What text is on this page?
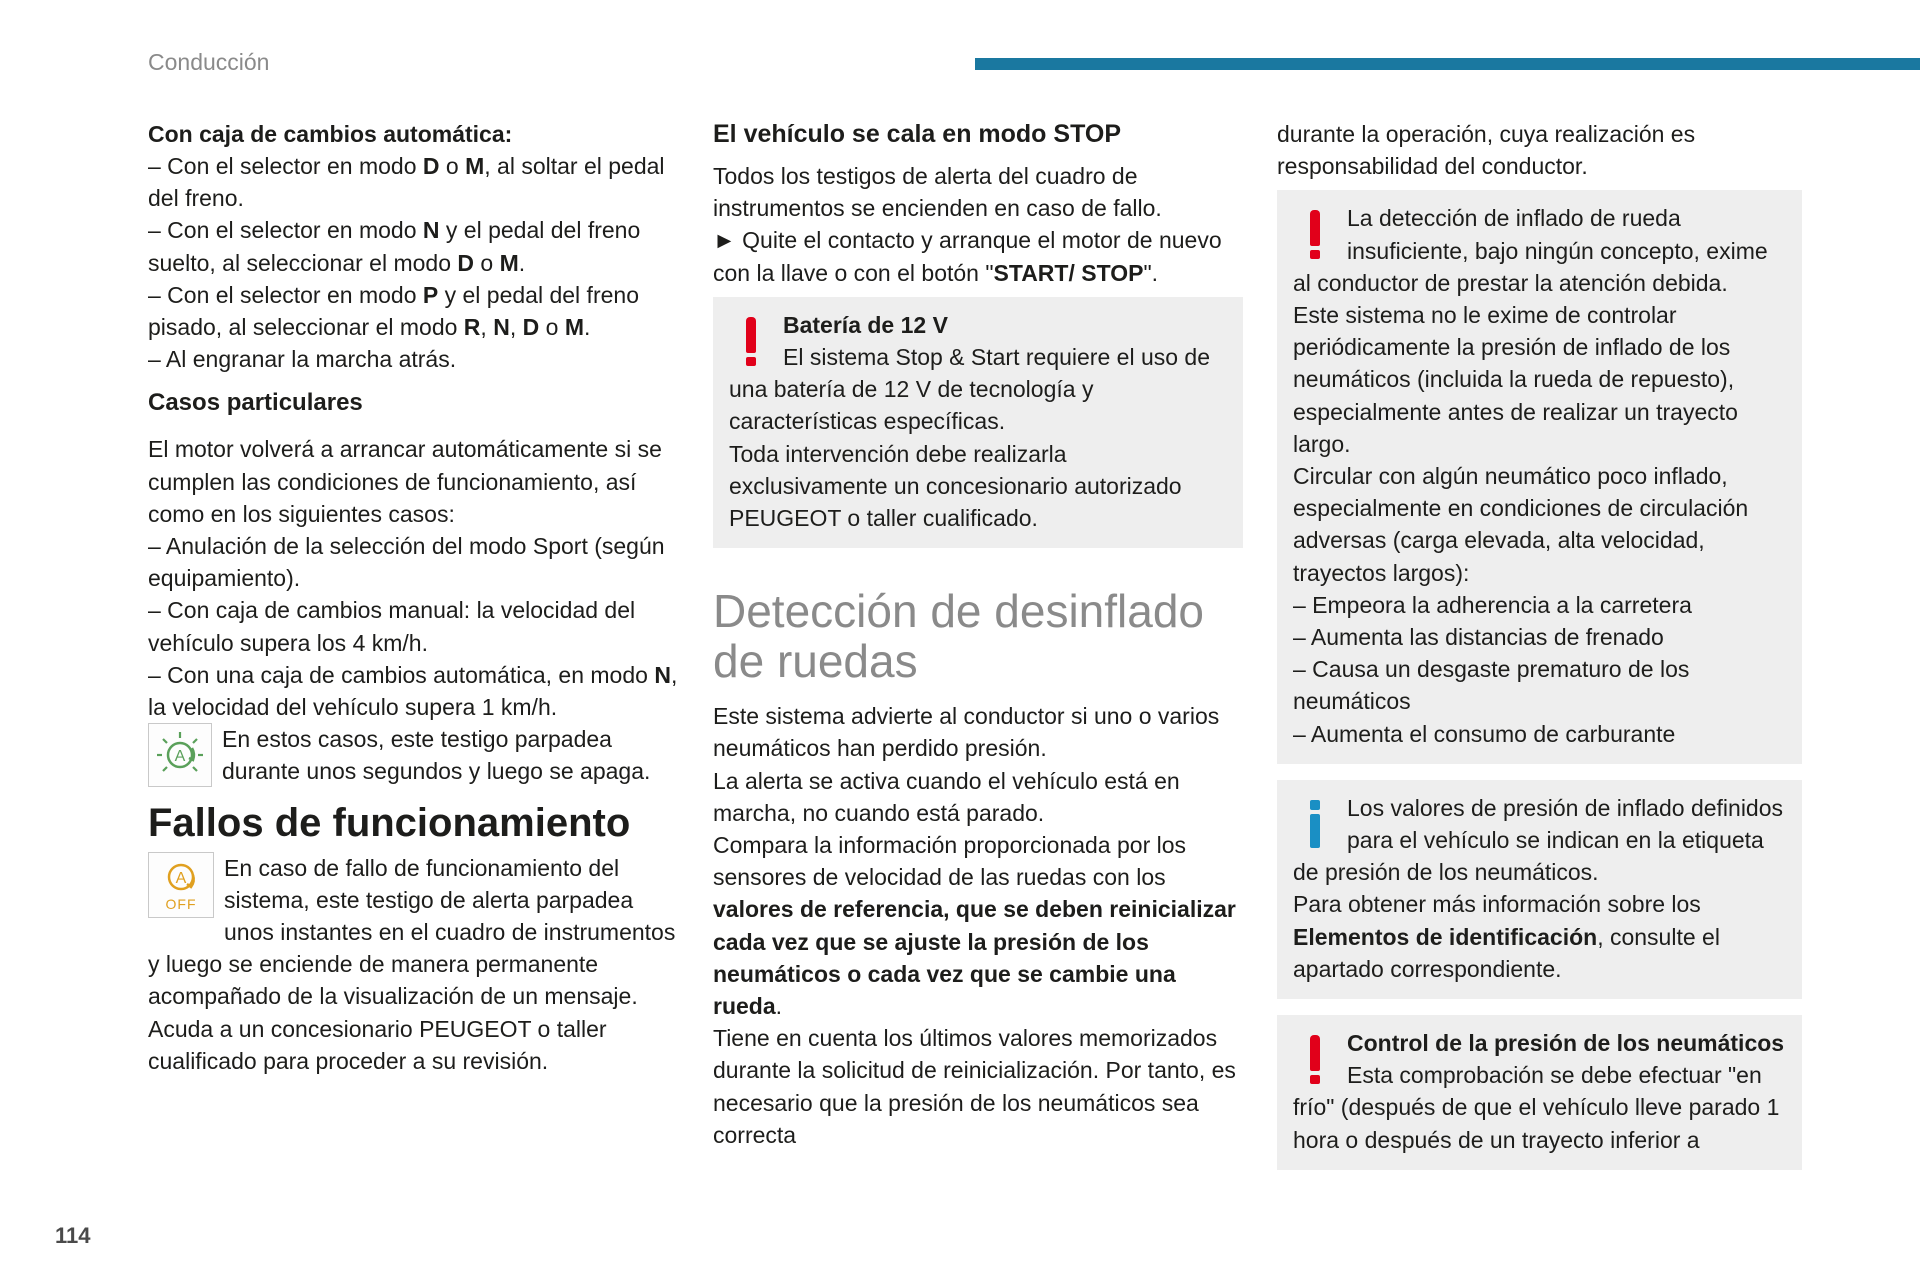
Conducción

Con caja de cambios automática:

– Con el selector en modo D o M, al soltar el pedal del freno.

– Con el selector en modo N y el pedal del freno suelto, al seleccionar el modo D o M.

– Con el selector en modo P y el pedal del freno pisado, al seleccionar el modo R, N, D o M.

– Al engranar la marcha atrás.

Casos particulares

El motor volverá a arrancar automáticamente si se cumplen las condiciones de funcionamiento, así como en los siguientes casos:

– Anulación de la selección del modo Sport (según equipamiento).

– Con caja de cambios manual: la velocidad del vehículo supera los 4 km/h.

– Con una caja de cambios automática, en modo N, la velocidad del vehículo supera 1 km/h.

A

En estos casos, este testigo parpadea durante unos segundos y luego se apaga.

Fallos de funcionamiento
A
OFF

En caso de fallo de funcionamiento del sistema, este testigo de alerta parpadea unos instantes en el cuadro de instrumentos y luego se enciende de manera permanente acompañado de la visualización de un mensaje. Acuda a un concesionario PEUGEOT o taller cualificado para proceder a su revisión.

El vehículo se cala en modo STOP

Todos los testigos de alerta del cuadro de instrumentos se encienden en caso de fallo.

► Quite el contacto y arranque el motor de nuevo con la llave o con el botón "START/ STOP".

Batería de 12 V

El sistema Stop & Start requiere el uso de una batería de 12 V de tecnología y características específicas.

Toda intervención debe realizarla exclusivamente un concesionario autorizado PEUGEOT o taller cualificado.

Detección de desinflado de ruedas

Este sistema advierte al conductor si uno o varios neumáticos han perdido presión.

La alerta se activa cuando el vehículo está en marcha, no cuando está parado.

Compara la información proporcionada por los sensores de velocidad de las ruedas con los valores de referencia, que se deben reinicializar cada vez que se ajuste la presión de los neumáticos o cada vez que se cambie una rueda.

Tiene en cuenta los últimos valores memorizados durante la solicitud de reinicialización. Por tanto, es necesario que la presión de los neumáticos sea correcta

durante la operación, cuya realización es responsabilidad del conductor.

La detección de inflado de rueda insuficiente, bajo ningún concepto, exime al conductor de prestar la atención debida.

Este sistema no le exime de controlar periódicamente la presión de inflado de los neumáticos (incluida la rueda de repuesto), especialmente antes de realizar un trayecto largo.

Circular con algún neumático poco inflado, especialmente en condiciones de circulación adversas (carga elevada, alta velocidad, trayectos largos):

– Empeora la adherencia a la carretera

– Aumenta las distancias de frenado

– Causa un desgaste prematuro de los neumáticos

– Aumenta el consumo de carburante

Los valores de presión de inflado definidos para el vehículo se indican en la etiqueta de presión de los neumáticos.

Para obtener más información sobre los Elementos de identificación, consulte el apartado correspondiente.

Control de la presión de los neumáticos

Esta comprobación se debe efectuar "en frío" (después de que el vehículo lleve parado 1 hora o después de un trayecto inferior a

114
